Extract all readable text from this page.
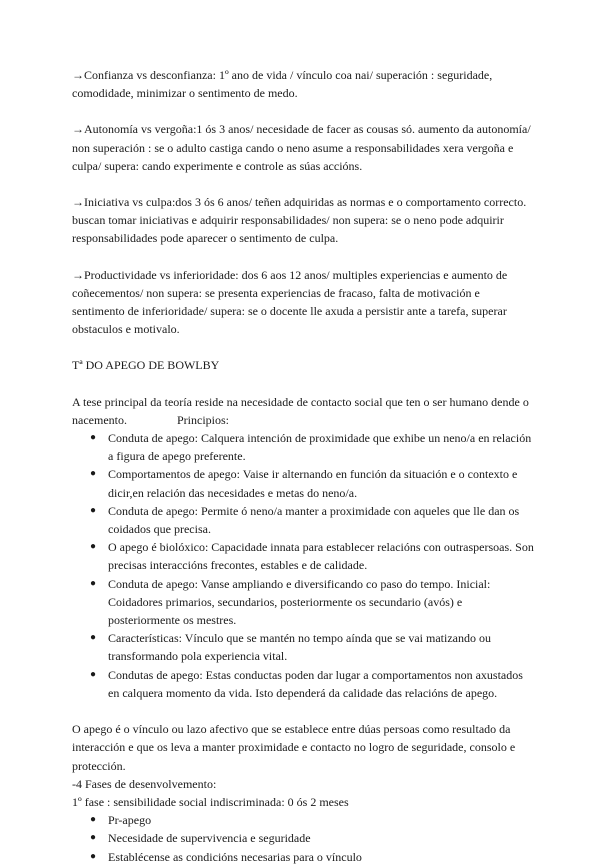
→Confianza vs desconfianza: 1º ano de vida / vínculo coa nai/ superación : seguridade, comodidade, minimizar o sentimento de medo.

→Autonomía vs vergoña:1 ós 3 anos/ necesidade de facer as cousas só. aumento da autonomía/ non superación : se o adulto castiga cando o neno asume a responsabilidades xera vergoña e culpa/ supera: cando experimente e controle as súas accións.

→Iniciativa vs culpa:dos 3 ós 6 anos/ teñen adquiridas as normas e o comportamento correcto. buscan tomar iniciativas e adquirir responsabilidades/ non supera: se o neno pode adquirir responsabilidades pode aparecer o sentimento de culpa.

→Productividade vs inferioridade: dos 6 aos 12 anos/ multiples experiencias e aumento de coñecementos/ non supera: se presenta experiencias de fracaso, falta de motivación e sentimento de inferioridade/ supera: se o docente lle axuda a persistir ante a tarefa, superar obstaculos e motivalo.

Tª DO APEGO DE BOWLBY

A tese principal da teoría reside na necesidade de contacto social que ten o ser humano dende o nacemento.	Principios:

● Conduta de apego: Calquera intención de proximidade que exhibe un neno/a en relación a figura de apego preferente.
● Comportamentos de apego: Vaise ir alternando en función da situación e o contexto e dicir,en relación das necesidades e metas do neno/a.
● Conduta de apego: Permite ó neno/a manter a proximidade con aqueles que lle dan os coidados que precisa.
● O apego é biolóxico: Capacidade innata para establecer relacións con outraspersoas. Son precisas interaccións frecontes, estables e de calidade.
● Conduta de apego: Vanse ampliando e diversificando co paso do tempo. Inicial: Coidadores primarios, secundarios, posteriormente os secundario (avós) e posteriormente os mestres.
● Características: Vínculo que se mantén no tempo aínda que se vai matizando ou transformando pola experiencia vital.
● Condutas de apego: Estas conductas poden dar lugar a comportamentos non axustados en calquera momento da vida. Isto dependerá da calidade das relacións de apego.

O apego é o vínculo ou lazo afectivo que se establece entre dúas persoas como resultado da interacción e que os leva a manter proximidade e contacto no logro de seguridade, consolo e protección.

-4 Fases de desenvolvemento:

1º fase : sensibilidade social indiscriminada: 0 ós 2 meses

● Pr-apego
● Necesidade de supervivencia e seguridade
● Establécense as condicións necesarias para o vínculo
